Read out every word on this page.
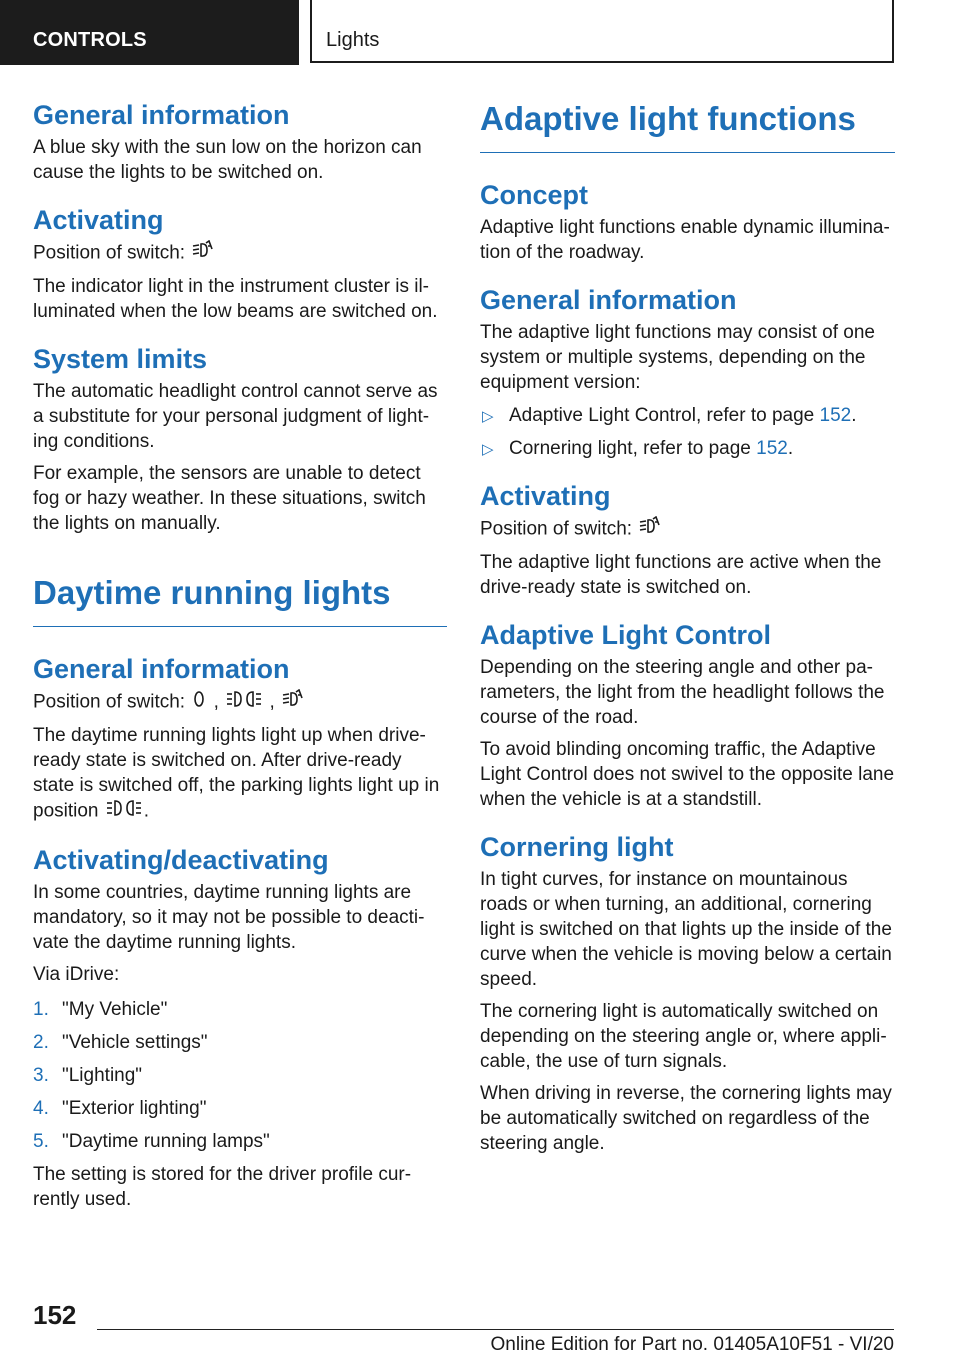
CONTROLS	Lights
General information

A blue sky with the sun low on the horizon can cause the lights to be switched on.

Activating

Position of switch:

The indicator light in the instrument cluster is il- luminated when the low beams are switched on.

System limits

The automatic headlight control cannot serve as a substitute for your personal judgment of light- ing conditions.

For example, the sensors are unable to detect fog or hazy weather. In these situations, switch the lights on manually.

Daytime running lights
General information

Position of switch: ,	,

The daytime running lights light up when drive- ready state is switched on. After drive-ready state is switched off, the parking lights light up in position .

Activating/deactivating

In some countries, daytime running lights are mandatory, so it may not be possible to deacti- vate the daytime running lights.

Via iDrive:

1. "My Vehicle"
2. "Vehicle settings"
3. "Lighting"
4. "Exterior lighting"
5. "Daytime running lamps"

The setting is stored for the driver profile cur- rently used.

Adaptive light functions
Concept

Adaptive light functions enable dynamic illumina- tion of the roadway.

General information

The adaptive light functions may consist of one system or multiple systems, depending on the equipment version:

▷ Adaptive Light Control, refer to page 152.
▷ Cornering light, refer to page 152.
Activating

Position of switch:

The adaptive light functions are active when the drive-ready state is switched on.

Adaptive Light Control

Depending on the steering angle and other pa- rameters, the light from the headlight follows the course of the road.

To avoid blinding oncoming traffic, the Adaptive Light Control does not swivel to the opposite lane when the vehicle is at a standstill.

Cornering light

In tight curves, for instance on mountainous roads or when turning, an additional, cornering light is switched on that lights up the inside of the curve when the vehicle is moving below a certain speed.

The cornering light is automatically switched on depending on the steering angle or, where appli- cable, the use of turn signals.

When driving in reverse, the cornering lights may be automatically switched on regardless of the steering angle.

152
Online Edition for Part no. 01405A10F51 - VI/20
